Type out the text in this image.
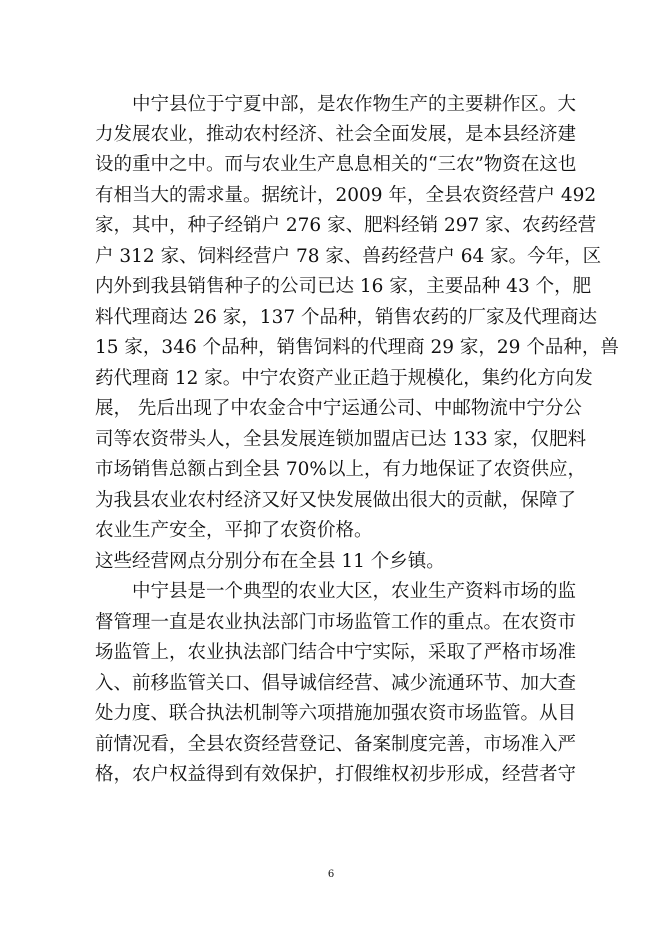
中宁县位于宁夏中部，是农作物生产的主要耕作区。大
力发展农业，推动农村经济、社会全面发展，是本县经济建
设的重中之中。而与农业生产息息相关的“三农”物资在这也
有相当大的需求量。据统计，2009 年，全县农资经营户 492
家，其中，种子经销户 276 家、肥料经销 297 家、农药经营
户 312 家、饲料经营户 78 家、兽药经营户 64 家。今年，区
内外到我县销售种子的公司已达 16 家，主要品种 43 个，肥
料代理商达 26 家，137 个品种，销售农药的厂家及代理商达
15 家，346 个品种，销售饲料的代理商 29 家，29 个品种，兽
药代理商 12 家。中宁农资产业正趋于规模化，集约化方向发
展， 先后出现了中农金合中宁运通公司、中邮物流中宁分公
司等农资带头人，全县发展连锁加盟店已达 133 家，仅肥料
市场销售总额占到全县 70%以上，有力地保证了农资供应，
为我县农业农村经济又好又快发展做出很大的贡献，保障了
农业生产安全，平抑了农资价格。
这些经营网点分别分布在全县 11 个乡镇。
中宁县是一个典型的农业大区，农业生产资料市场的监
督管理一直是农业执法部门市场监管工作的重点。在农资市
场监管上，农业执法部门结合中宁实际，采取了严格市场准
入、前移监管关口、倡导诚信经营、减少流通环节、加大查
处力度、联合执法机制等六项措施加强农资市场监管。从目
前情况看，全县农资经营登记、备案制度完善，市场准入严
格，农户权益得到有效保护，打假维权初步形成，经营者守
6
